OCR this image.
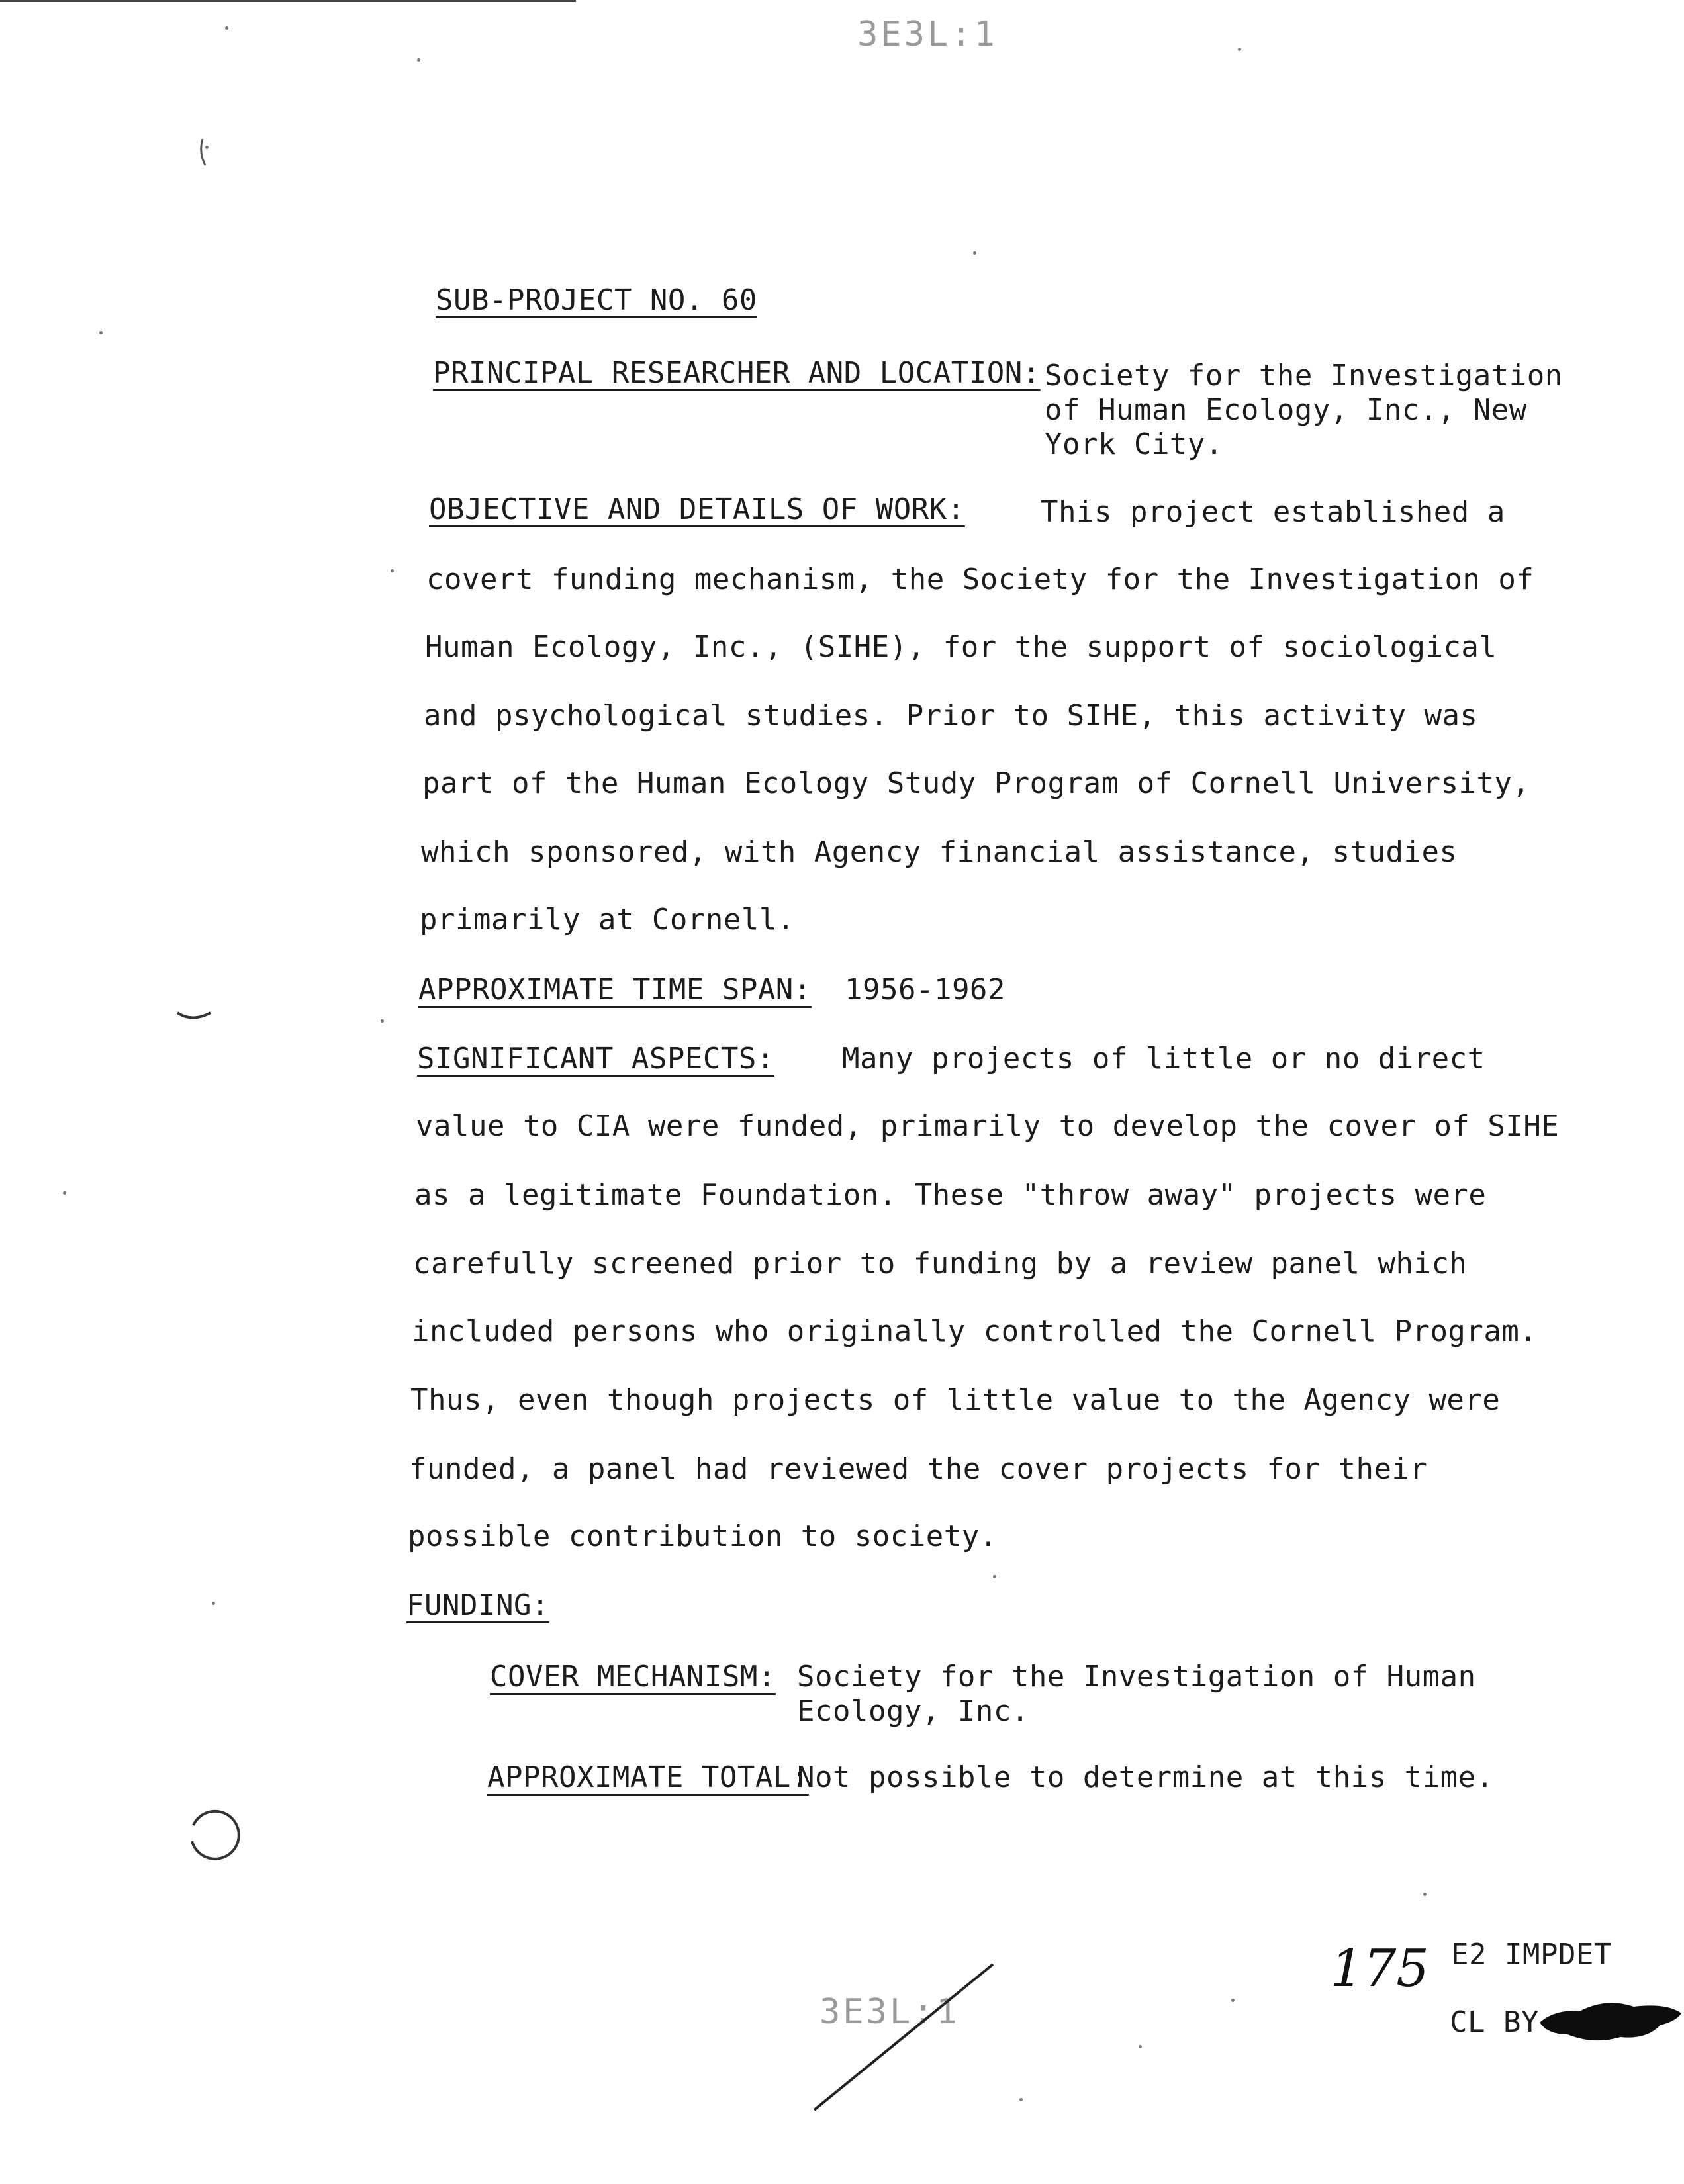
3E3L:1
SUB-PROJECT NO. 60
PRINCIPAL RESEARCHER AND LOCATION: Society for the Investigation
of Human Ecology, Inc., New
York City.
OBJECTIVE AND DETAILS OF WORK:	This project established a
covert funding mechanism, the Society for the Investigation of
Human Ecology, Inc., (SIHE), for the support of sociological
and psychological studies. Prior to SIHE, this activity was
part of the Human Ecology Study Program of Cornell University,
which sponsored, with Agency financial assistance, studies
primarily at Cornell.
APPROXIMATE TIME SPAN: 1956-1962
SIGNIFICANT ASPECTS: Many projects of little or no direct
value to CIA were funded, primarily to develop the cover of SIHE
as a legitimate Foundation. These "throw away" projects were
carefully screened prior to funding by a review panel which
included persons who originally controlled the Cornell Program.
Thus, even though projects of little value to the Agency were
funded, a panel had reviewed the cover projects for their
possible contribution to society.
FUNDING:
COVER MECHANISM: Society for the Investigation of Human
Ecology, Inc.
APPROXIMATE TOTAL:
Not possible to determine at this time.
3E3L:1
175 E2 IMPDET
CL BY
